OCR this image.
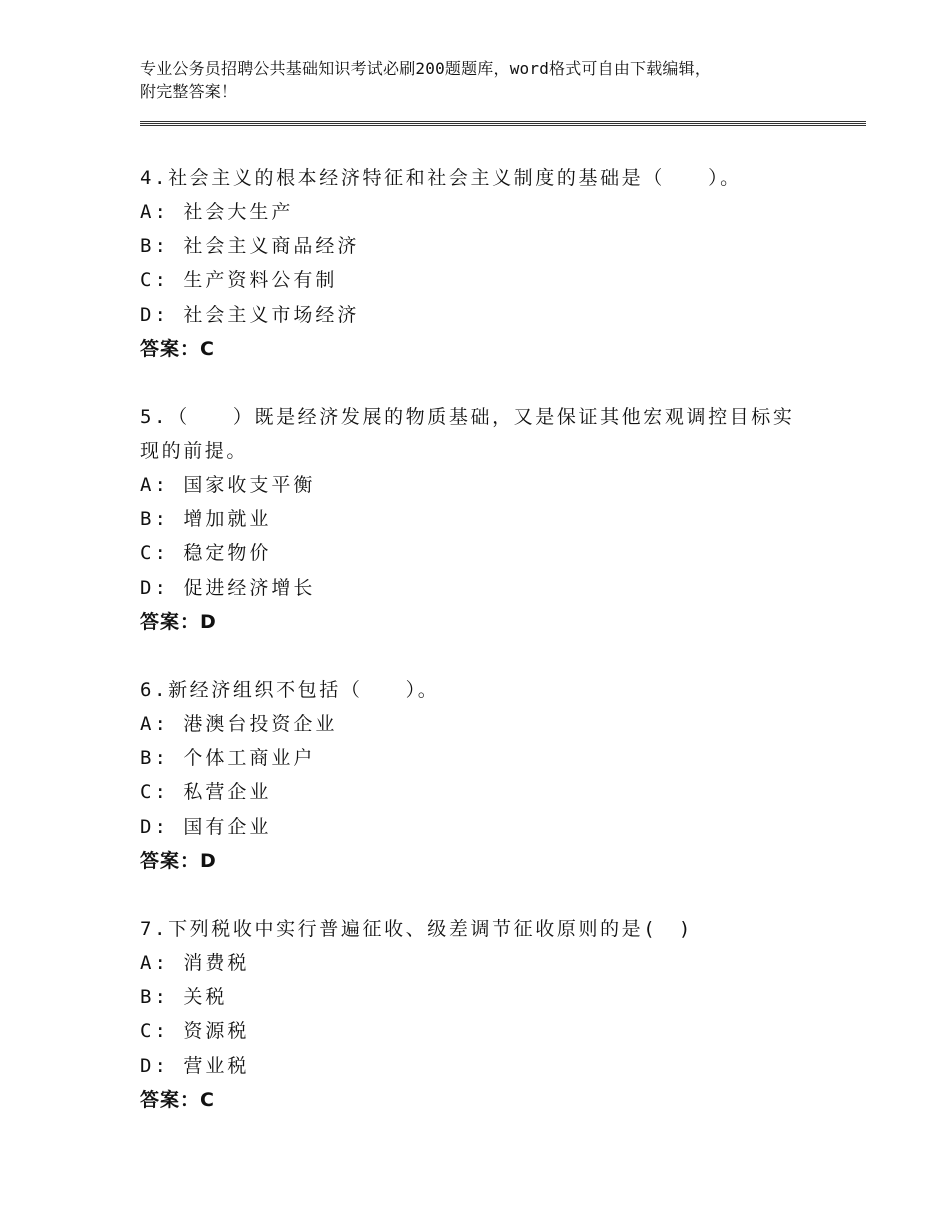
专业公务员招聘公共基础知识考试必刷200题题库，word格式可自由下载编辑，
附完整答案！

4.社会主义的根本经济特征和社会主义制度的基础是（　　）。

A: 社会大生产

B: 社会主义商品经济

C: 生产资料公有制

D: 社会主义市场经济

答案：C

5.（　　）既是经济发展的物质基础，又是保证其他宏观调控目标实

现的前提。

A: 国家收支平衡

B: 增加就业

C: 稳定物价

D: 促进经济增长

答案：D

6.新经济组织不包括（　　）。

A: 港澳台投资企业

B: 个体工商业户

C: 私营企业

D: 国有企业

答案：D

7.下列税收中实行普遍征收、级差调节征收原则的是(　)

A: 消费税

B: 关税

C: 资源税

D: 营业税

答案：C
